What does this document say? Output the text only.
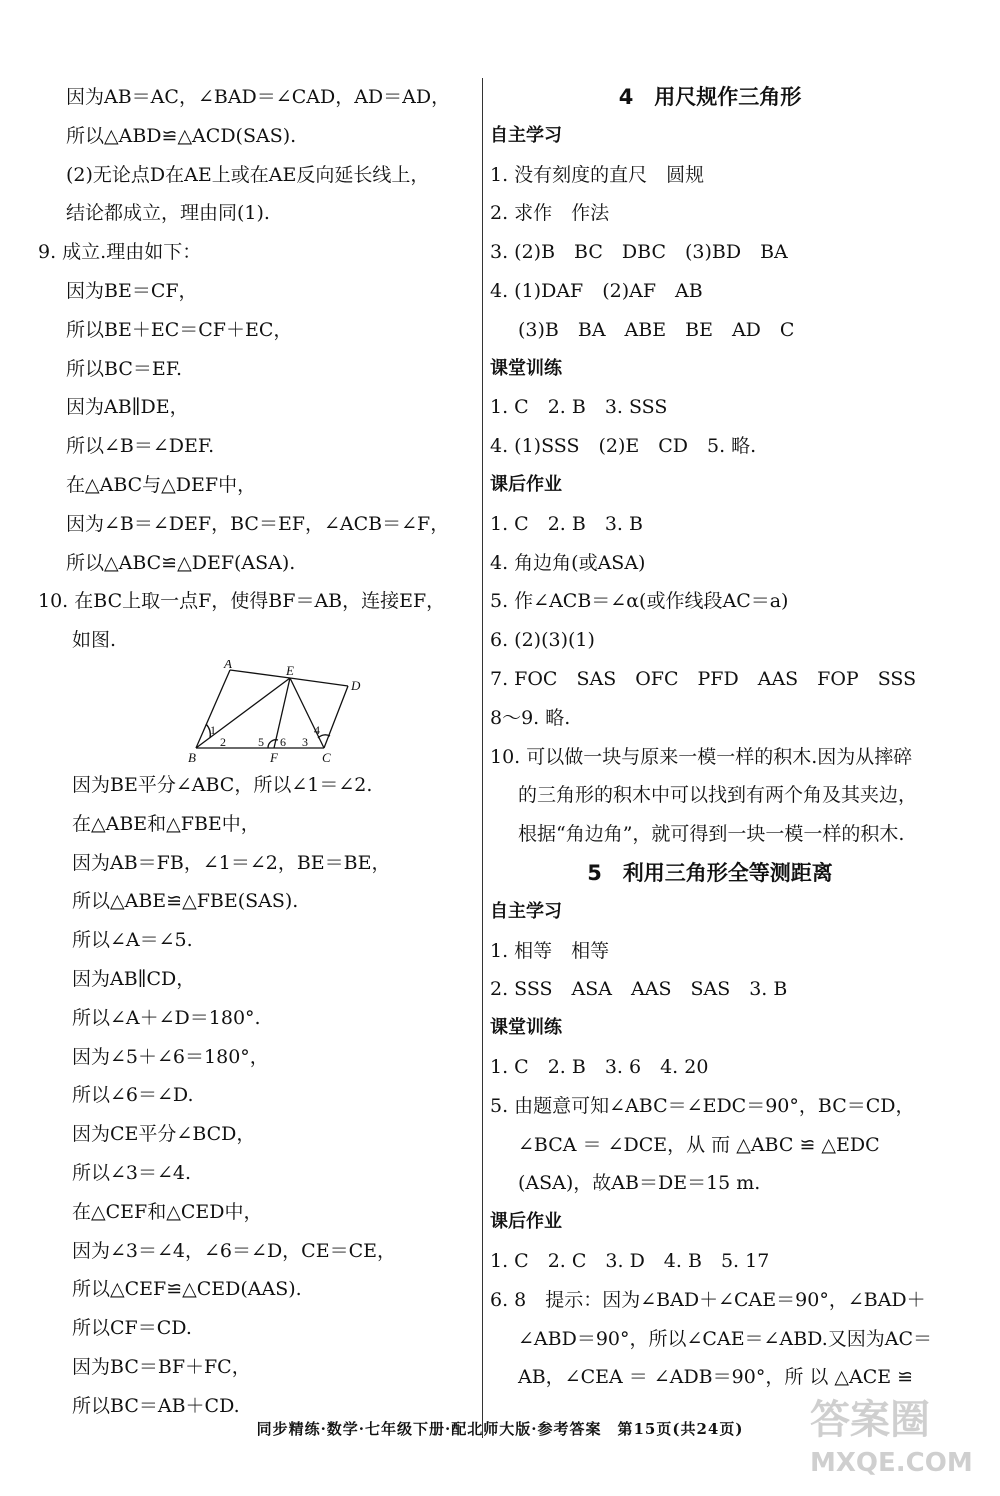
因为AB＝AC，∠BAD＝∠CAD，AD＝AD，
所以△ABD≌△ACD(SAS).
(2)无论点D在AE上或在AE反向延长线上，
结论都成立，理由同(1).
9. 成立.理由如下：
因为BE＝CF，
所以BE＋EC＝CF＋EC，
所以BC＝EF.
因为AB∥DE，
所以∠B＝∠DEF.
在△ABC与△DEF中，
因为∠B＝∠DEF，BC＝EF，∠ACB＝∠F，
所以△ABC≌△DEF(ASA).
10. 在BC上取一点F，使得BF＝AB，连接EF，
如图.
A	E
D
B	F	C
1
2	5 6 3
4
因为BE平分∠ABC，所以∠1＝∠2.
在△ABE和△FBE中，
因为AB＝FB，∠1＝∠2，BE＝BE，
所以△ABE≌△FBE(SAS).
所以∠A＝∠5.
因为AB∥CD，
所以∠A＋∠D＝180°.
因为∠5＋∠6＝180°，
所以∠6＝∠D.
因为CE平分∠BCD，
所以∠3＝∠4.
在△CEF和△CED中，
因为∠3＝∠4，∠6＝∠D，CE＝CE，
所以△CEF≌△CED(AAS).
所以CF＝CD.
因为BC＝BF＋FC，
所以BC＝AB＋CD.
4　用尺规作三角形
自主学习
1. 没有刻度的直尺　圆规
2. 求作　作法
3. (2)B　BC　DBC　(3)BD　BA
4. (1)DAF　(2)AF　AB
(3)B　BA　ABE　BE　AD　C
课堂训练
1. C　2. B　3. SSS
4. (1)SSS　(2)E　CD　5. 略.
课后作业
1. C　2. B　3. B
4. 角边角(或ASA)
5. 作∠ACB＝∠α(或作线段AC＝a)
6. (2)(3)(1)
7. FOC　SAS　OFC　PFD　AAS　FOP　SSS
8～9. 略.
10. 可以做一块与原来一模一样的积木.因为从摔碎
的三角形的积木中可以找到有两个角及其夹边，
根据“角边角”，就可得到一块一模一样的积木.
5　利用三角形全等测距离
自主学习
1. 相等　相等
2. SSS　ASA　AAS　SAS　3. B
课堂训练
1. C　2. B　3. 6　4. 20
5. 由题意可知∠ABC＝∠EDC＝90°，BC＝CD，
∠BCA ＝ ∠DCE，从 而 △ABC ≌ △EDC
(ASA)，故AB＝DE＝15 m.
课后作业
1. C　2. C　3. D　4. B　5. 17
6. 8　提示：因为∠BAD＋∠CAE＝90°，∠BAD＋
∠ABD＝90°，所以∠CAE＝∠ABD.又因为AC＝
AB，∠CEA ＝ ∠ADB＝90°，所 以 △ACE ≌
同步精练·数学·七年级下册·配北师大版·参考答案　第15页(共24页)	答案圈
MXQE.COM
